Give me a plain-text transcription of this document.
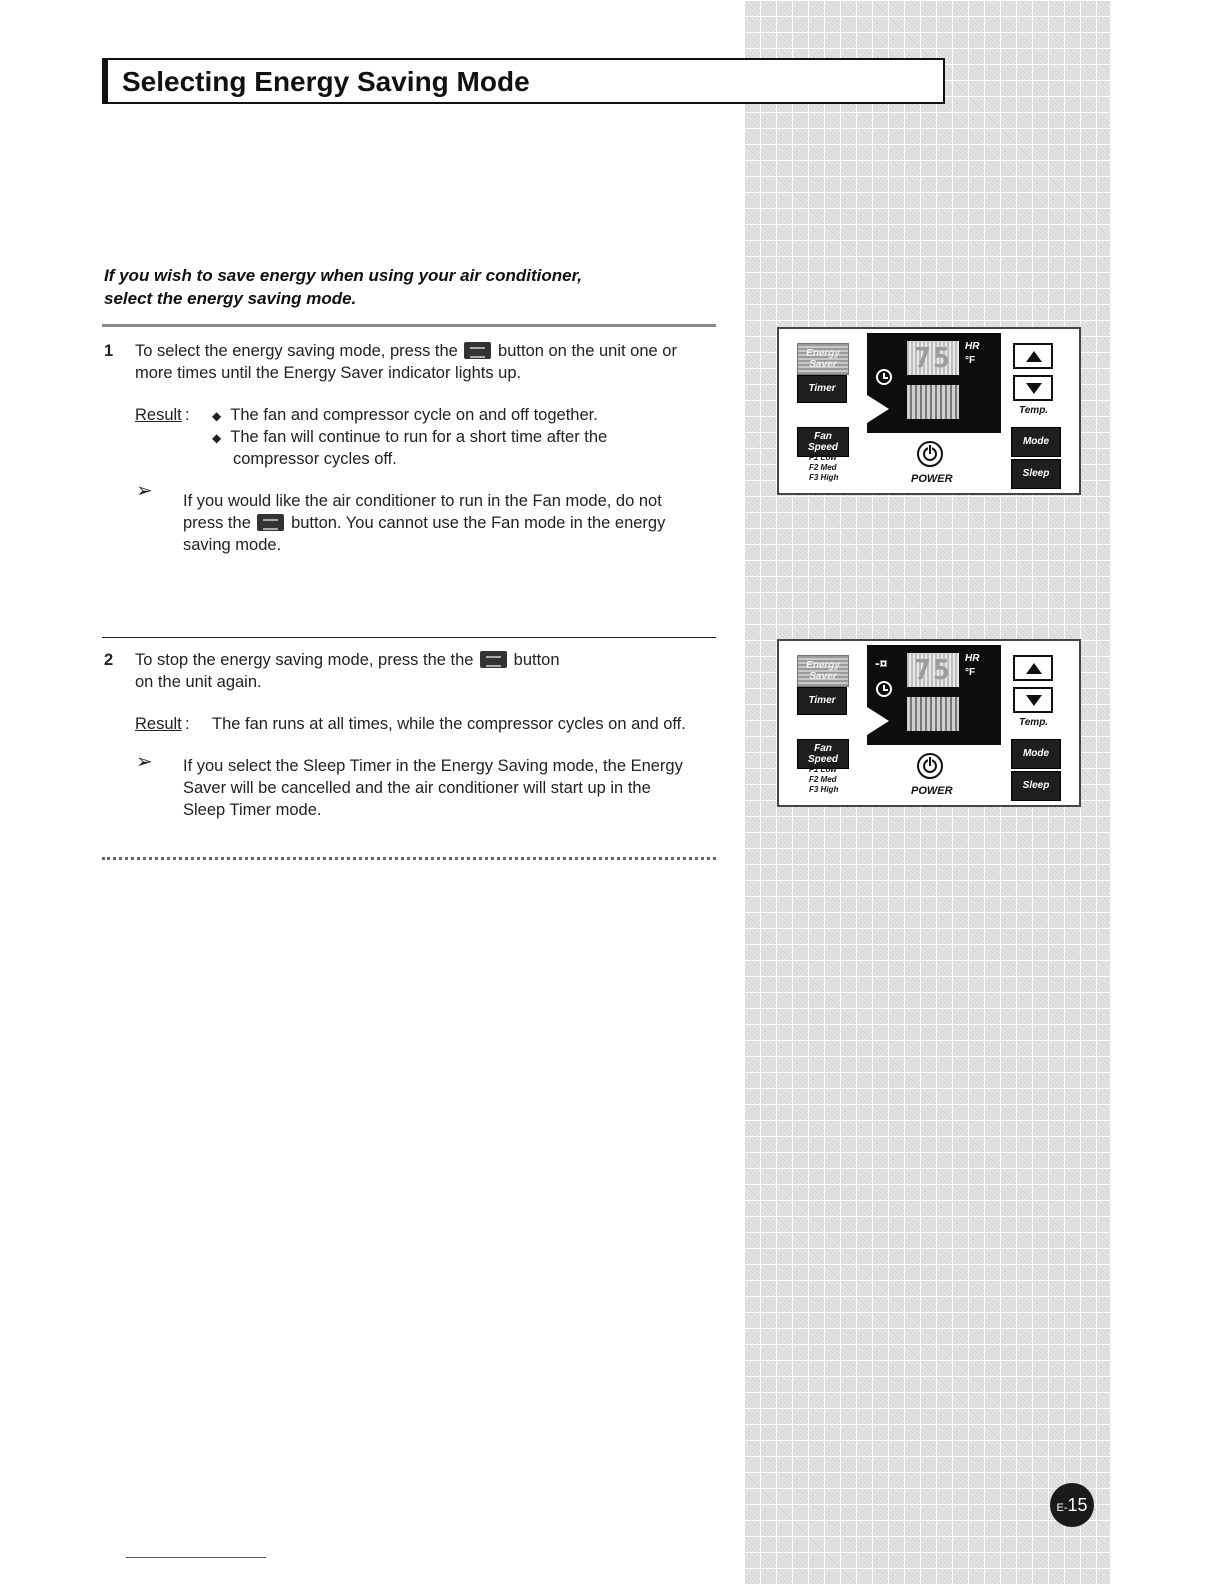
Selecting Energy Saving Mode
If you wish to save energy when using your air conditioner,
select the energy saving mode.
1 To select the energy saving mode, press the button on the unit one or
more times until the Energy Saver indicator lights up.
Result : ◆ The fan and compressor cycle on and off together.
◆ The fan will continue to run for a short time after the
compressor cycles off.
➢ If you would like the air conditioner to run in the Fan mode, do not
press the button. You cannot use the Fan mode in the energy
saving mode.
2 To stop the energy saving mode, press the the button
on the unit again.
Result : The fan runs at all times, while the compressor cycles on and off.
➢ If you select the Sleep Timer in the Energy Saving mode, the Energy
Saver will be cancelled and the air conditioner will start up in the
Sleep Timer mode.
Energy Saver
Timer
Fan Speed
F1 Low
F2 Med
F3 High
75	HR
°F
Temp.
Mode
Sleep
POWER
Energy Saver
Timer
Fan Speed
F1 Low
F2 Med
F3 High
-¤ 75	HR
°F
Temp.
Mode
Sleep
POWER
E-15
